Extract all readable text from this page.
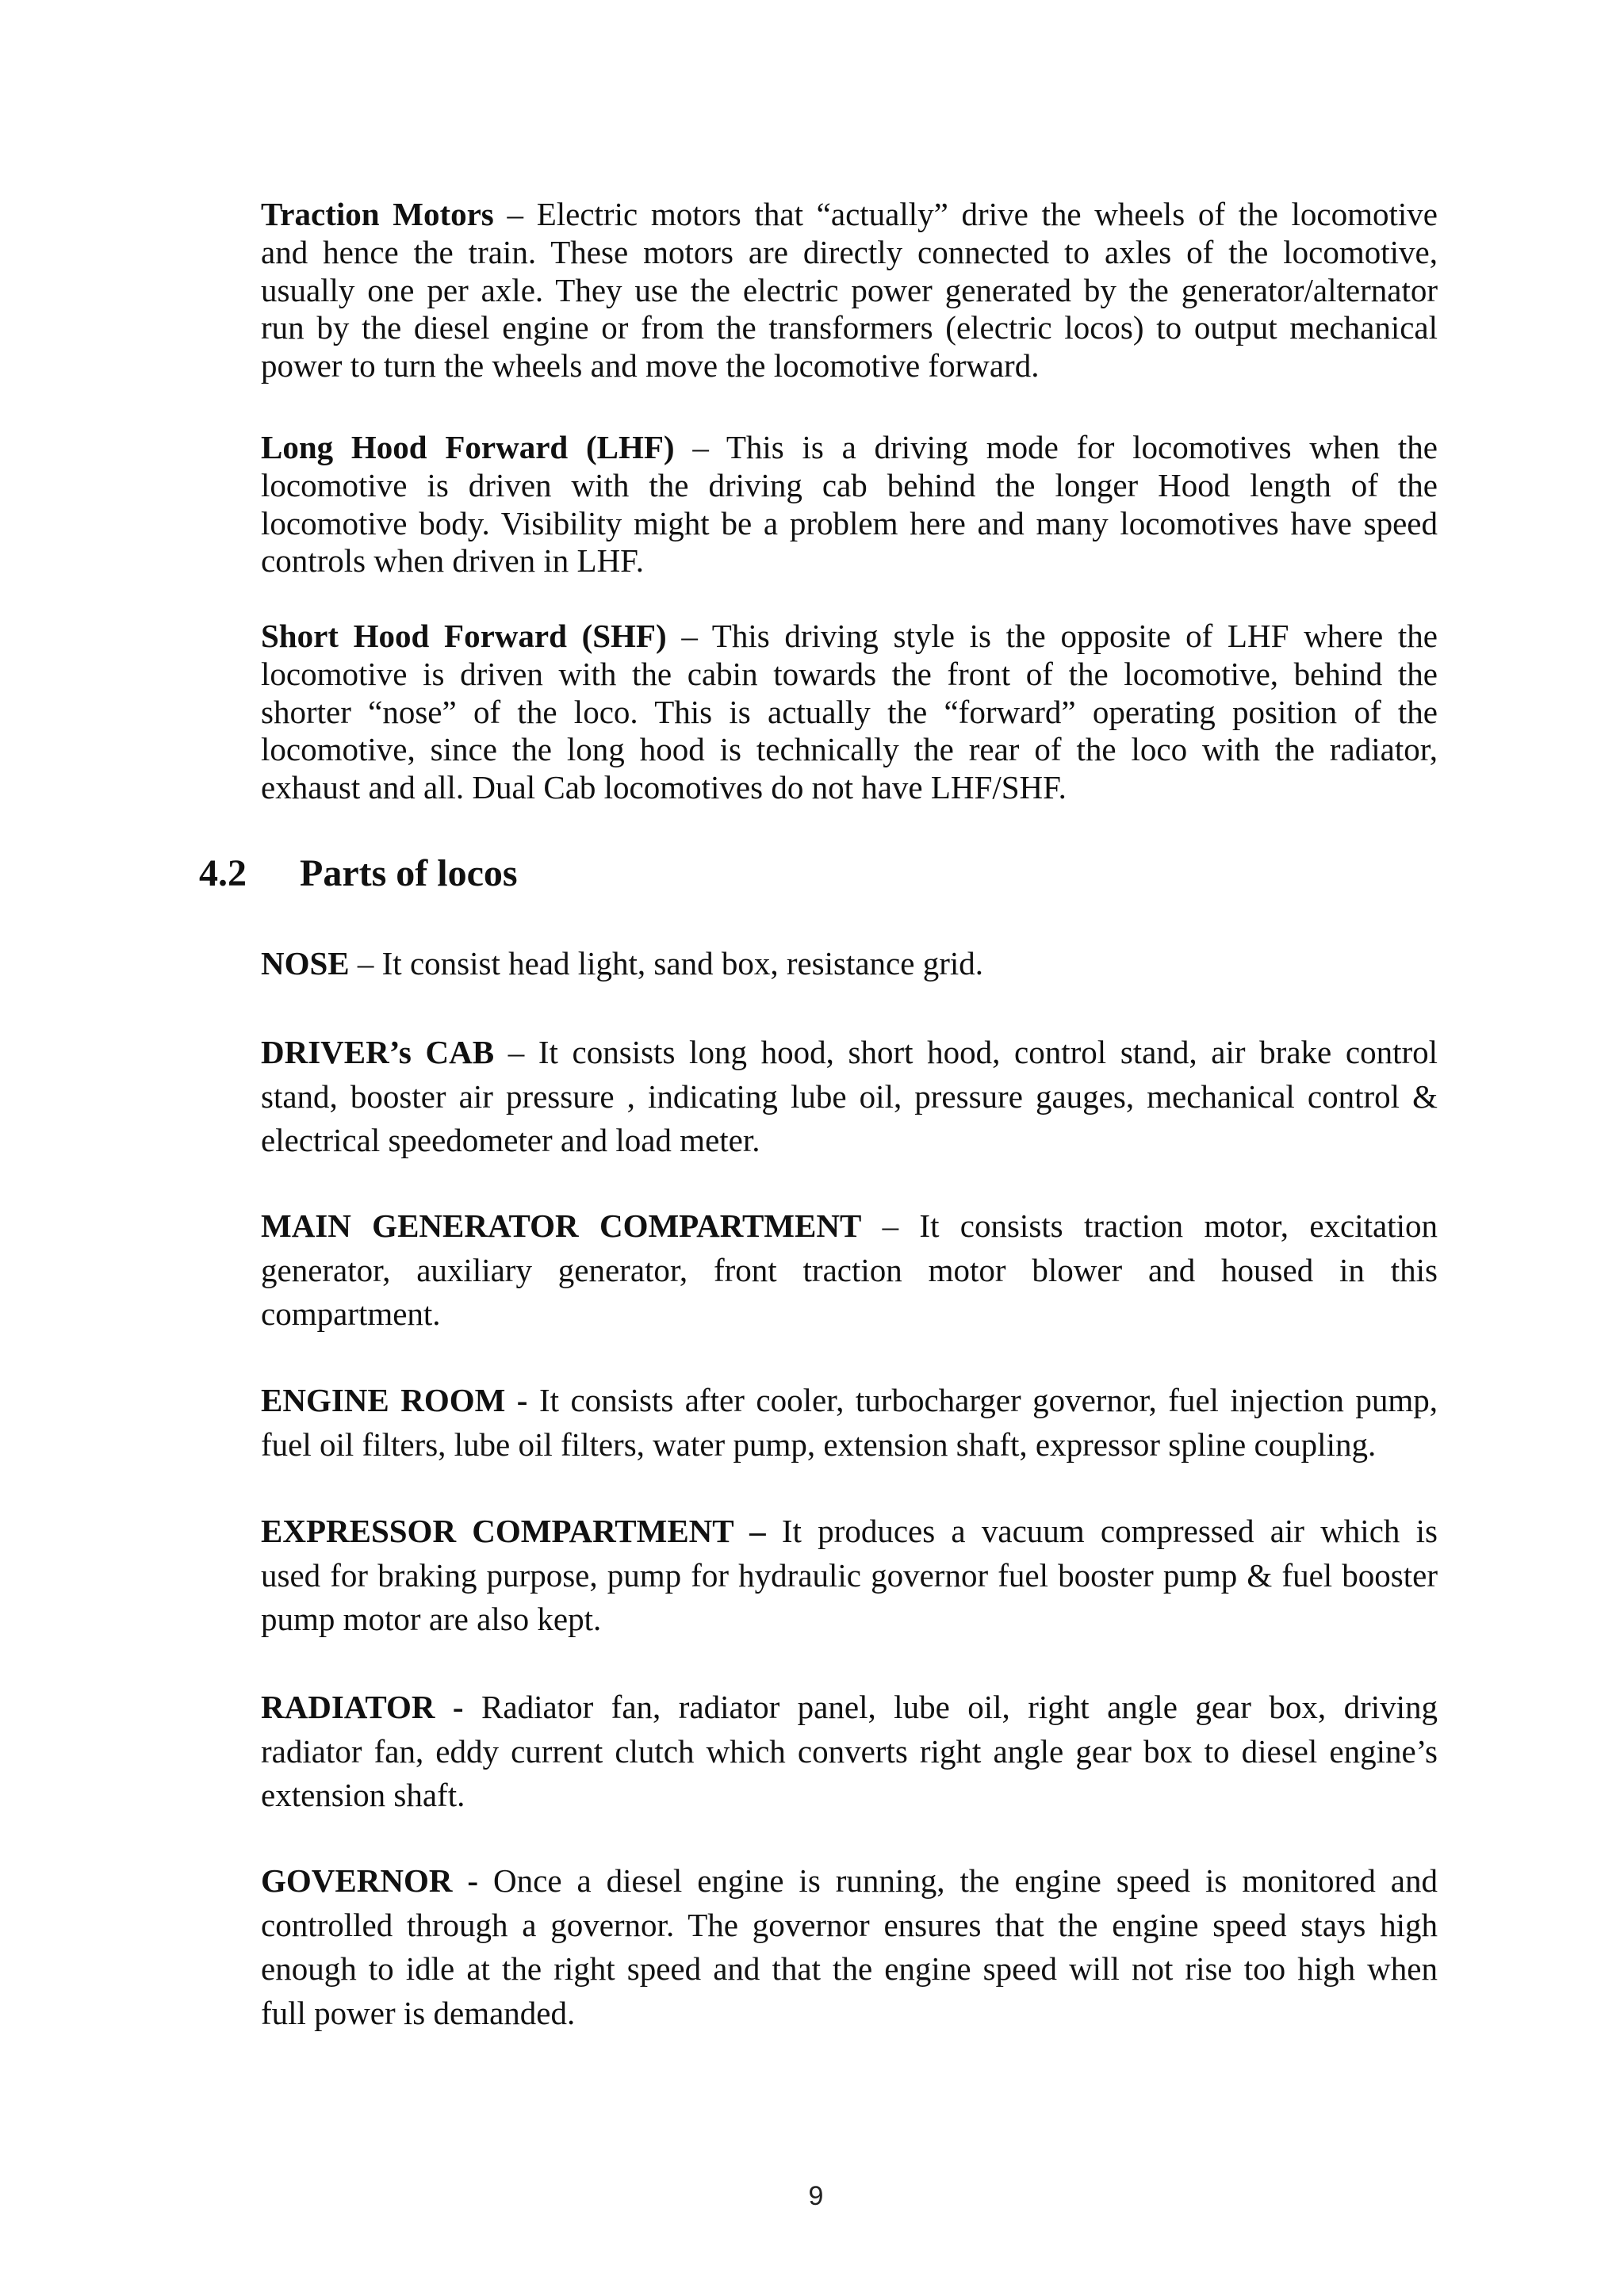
Traction Motors – Electric motors that “actually” drive the wheels of the locomotive
and hence the train. These motors are directly connected to axles of the locomotive,
usually one per axle. They use the electric power generated by the generator/alternator
run by the diesel engine or from the transformers (electric locos) to output mechanical
power to turn the wheels and move the locomotive forward.
Long Hood Forward (LHF) – This is a driving mode for locomotives when the
locomotive is driven with the driving cab behind the longer Hood length of the
locomotive body. Visibility might be a problem here and many locomotives have speed
controls when driven in LHF.
Short Hood Forward (SHF) – This driving style is the opposite of LHF where the
locomotive is driven with the cabin towards the front of the locomotive, behind the
shorter “nose” of the loco. This is actually the “forward” operating position of the
locomotive, since the long hood is technically the rear of the loco with the radiator,
exhaust and all. Dual Cab locomotives do not have LHF/SHF.
4.2 Parts of locos
NOSE – It consist head light, sand box, resistance grid.
DRIVER’s CAB – It consists long hood, short hood, control stand, air brake control
stand, booster air pressure , indicating lube oil, pressure gauges, mechanical control &
electrical speedometer and load meter.
MAIN GENERATOR COMPARTMENT – It consists traction motor, excitation
generator, auxiliary generator, front traction motor blower and housed in this
compartment.
ENGINE ROOM - It consists after cooler, turbocharger governor, fuel injection pump,
fuel oil filters, lube oil filters, water pump, extension shaft, expressor spline coupling.
EXPRESSOR COMPARTMENT – It produces a vacuum compressed air which is
used for braking purpose, pump for hydraulic governor fuel booster pump & fuel booster
pump motor are also kept.
RADIATOR - Radiator fan, radiator panel, lube oil, right angle gear box, driving
radiator fan, eddy current clutch which converts right angle gear box to diesel engine’s
extension shaft.
GOVERNOR - Once a diesel engine is running, the engine speed is monitored and
controlled through a governor. The governor ensures that the engine speed stays high
enough to idle at the right speed and that the engine speed will not rise too high when
full power is demanded.
9
